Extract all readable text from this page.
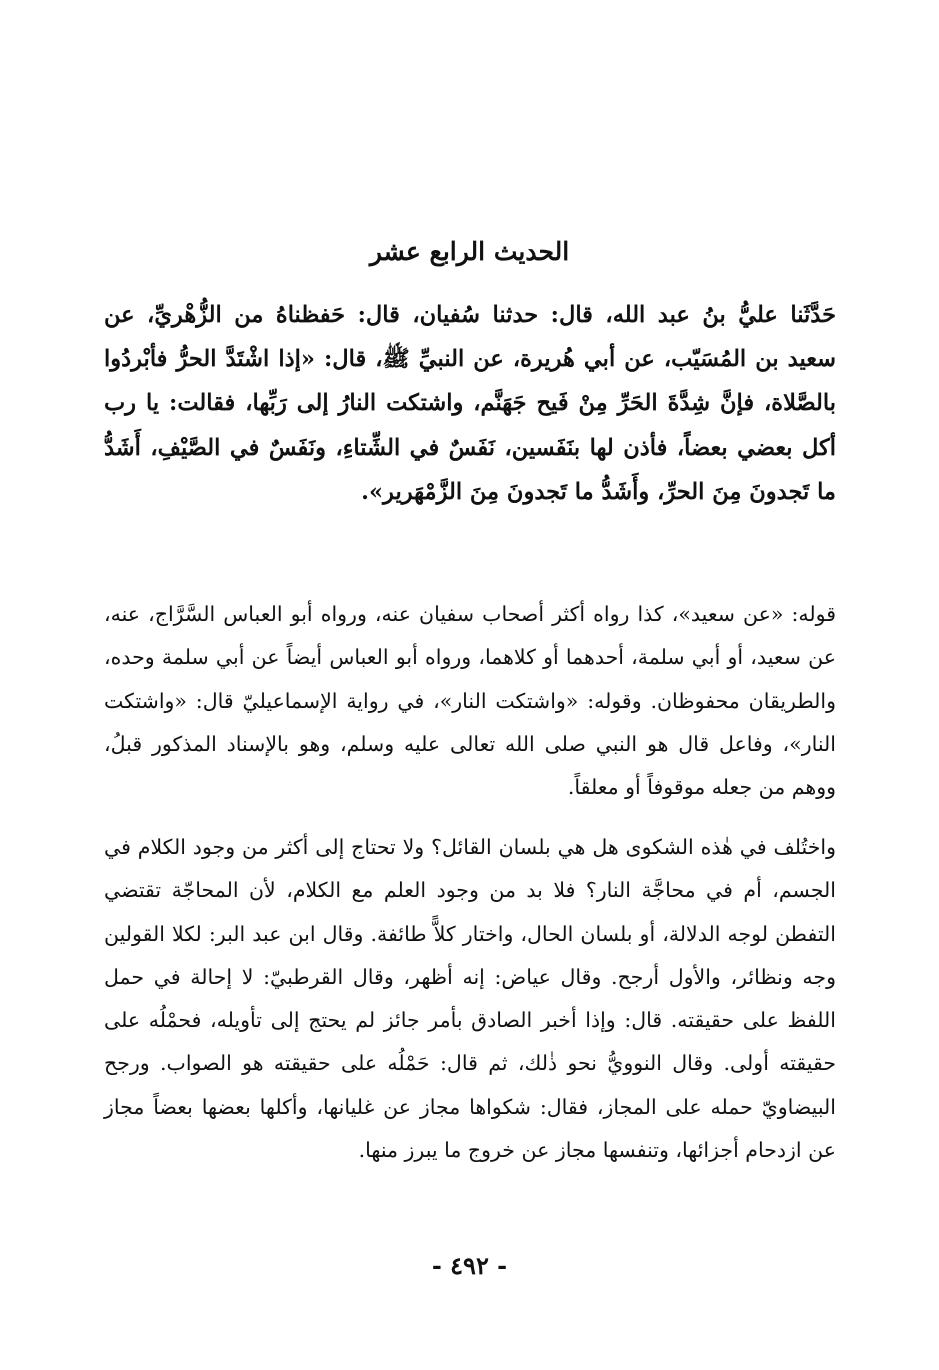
الحديث الرابع عشر

حَدَّثَنا عليُّ بنُ عبد الله، قال: حدثنا سُفيان، قال: حَفظناهُ من الزُّهْريِّ، عن سعيد بن المُسَيّب، عن أبي هُريرة، عن النبيِّ ﷺ، قال: «إذا اشْتَدَّ الحرُّ فأبْردُوا بالصَّلاة، فإنَّ شِدَّةَ الحَرِّ مِنْ فَيح جَهَنَّم، واشتكت النارُ إلى رَبِّها، فقالت: يا رب أكل بعضي بعضاً، فأذن لها بنَفَسين، نَفَسٌ في الشِّتاءِ، ونَفَسٌ في الصَّيْفِ، أَشَدُّ ما تَجدونَ مِنَ الحرِّ، وأَشَدُّ ما تَجدونَ مِنَ الزَّمْهَرير».

قوله: «عن سعيد»، كذا رواه أكثر أصحاب سفيان عنه، ورواه أبو العباس السَّرَّاج، عنه، عن سعيد، أو أبي سلمة، أحدهما أو كلاهما، ورواه أبو العباس أيضاً عن أبي سلمة وحده، والطريقان محفوظان. وقوله: «واشتكت النار»، في رواية الإسماعيليّ قال: «واشتكت النار»، وفاعل قال هو النبي صلى الله تعالى عليه وسلم، وهو بالإسناد المذكور قبلُ، ووهم من جعله موقوفاً أو معلقاً.

واختُلف في هٰذه الشكوى هل هي بلسان القائل؟ ولا تحتاج إلى أكثر من وجود الكلام في الجسم، أم في محاجَّة النار؟ فلا بد من وجود العلم مع الكلام، لأن المحاجّة تقتضي التفطن لوجه الدلالة، أو بلسان الحال، واختار كلاًّ طائفة. وقال ابن عبد البر: لكلا القولين وجه ونظائر، والأول أرجح. وقال عياض: إنه أظهر، وقال القرطبيّ: لا إحالة في حمل اللفظ على حقيقته. قال: وإذا أخبر الصادق بأمر جائز لم يحتج إلى تأويله، فحمْلُه على حقيقته أولى. وقال النوويُّ نحو ذٰلك، ثم قال: حَمْلُه على حقيقته هو الصواب. ورجح البيضاويّ حمله على المجاز، فقال: شكواها مجاز عن غليانها، وأكلها بعضها بعضاً مجاز عن ازدحام أجزائها، وتنفسها مجاز عن خروج ما يبرز منها.

- ٤٩٢ -
